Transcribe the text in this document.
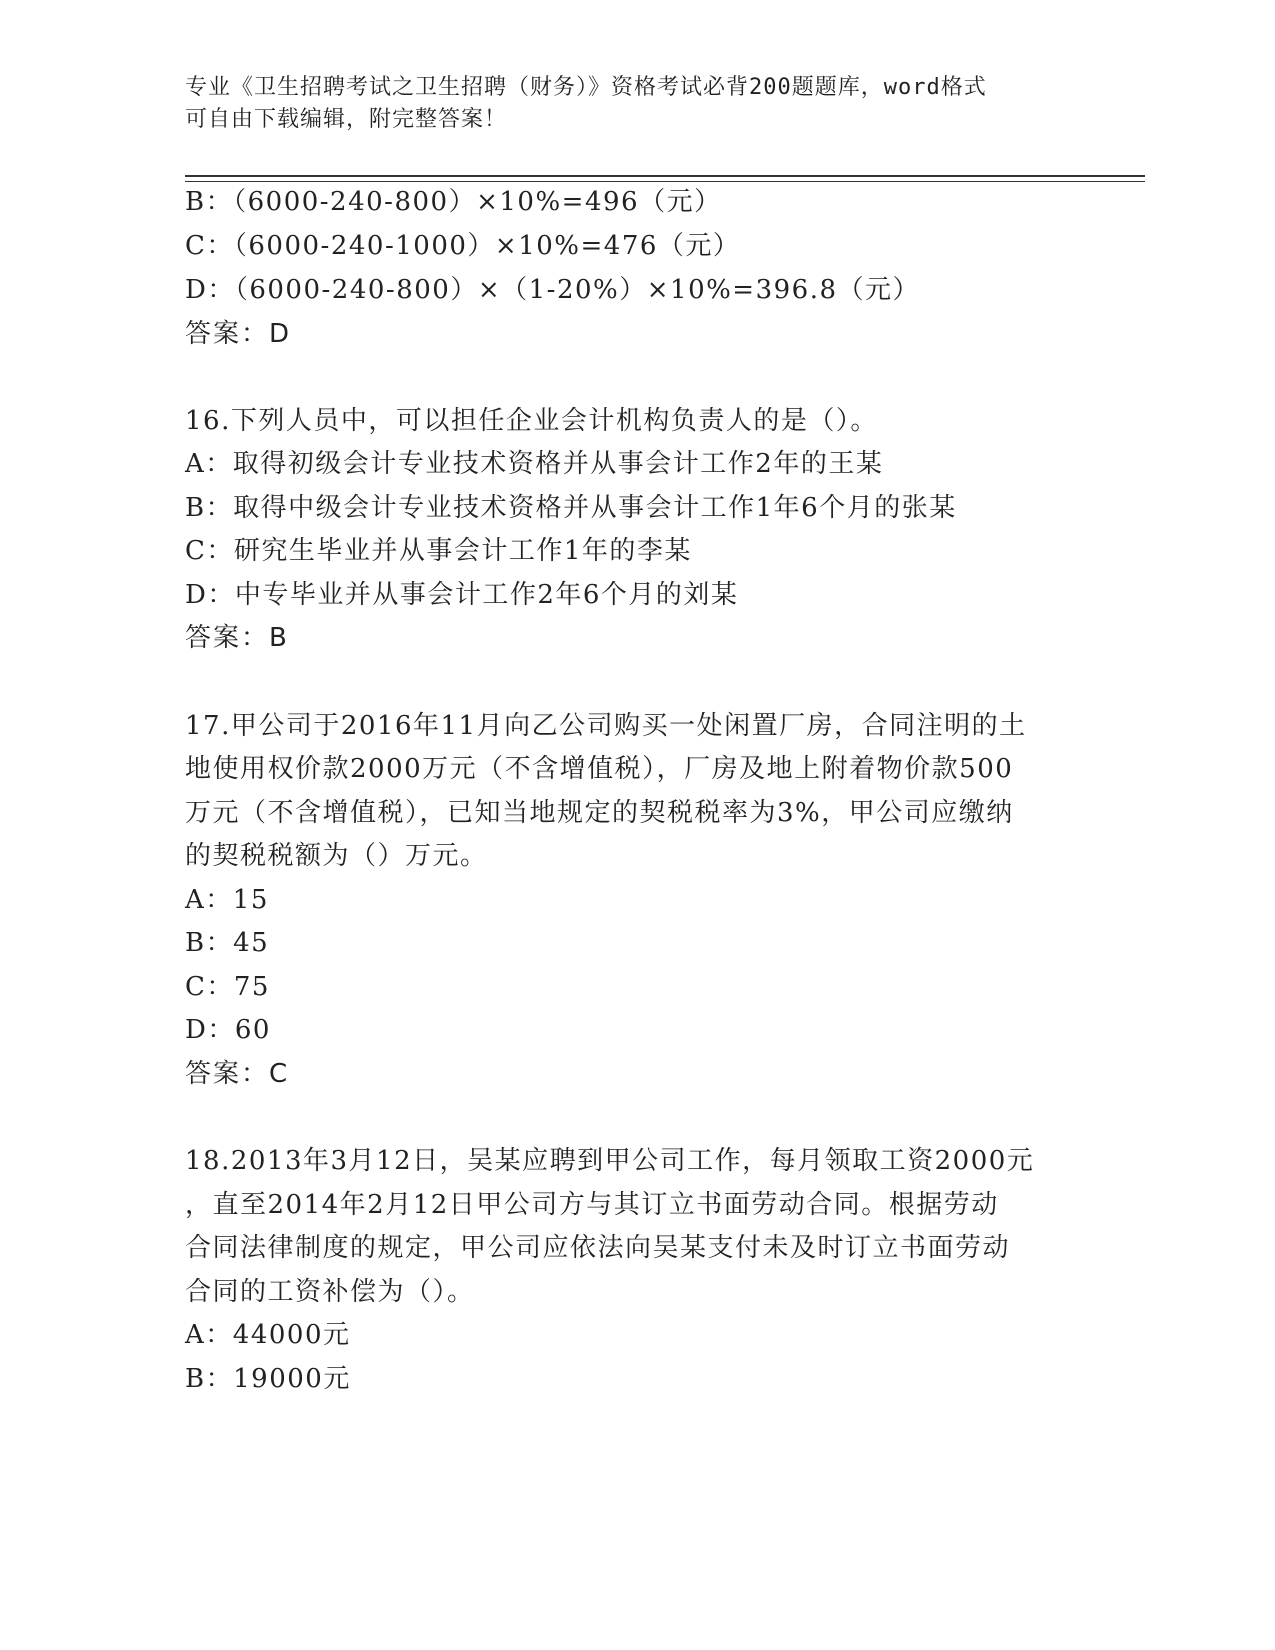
专业《卫生招聘考试之卫生招聘（财务）》资格考试必背200题题库，word格式
可自由下载编辑，附完整答案！
B：（6000-240-800）×10%=496（元）
C：（6000-240-1000）×10%=476（元）
D：（6000-240-800）×（1-20%）×10%=396.8（元）
答案：D
16.下列人员中，可以担任企业会计机构负责人的是（）。
A：取得初级会计专业技术资格并从事会计工作2年的王某
B：取得中级会计专业技术资格并从事会计工作1年6个月的张某
C：研究生毕业并从事会计工作1年的李某
D：中专毕业并从事会计工作2年6个月的刘某
答案：B
17.甲公司于2016年11月向乙公司购买一处闲置厂房，合同注明的土
地使用权价款2000万元（不含增值税），厂房及地上附着物价款500
万元（不含增值税），已知当地规定的契税税率为3%，甲公司应缴纳
的契税税额为（）万元。
A：15
B：45
C：75
D：60
答案：C
18.2013年3月12日，吴某应聘到甲公司工作，每月领取工资2000元
，直至2014年2月12日甲公司方与其订立书面劳动合同。根据劳动
合同法律制度的规定，甲公司应依法向吴某支付未及时订立书面劳动
合同的工资补偿为（）。
A：44000元
B：19000元
